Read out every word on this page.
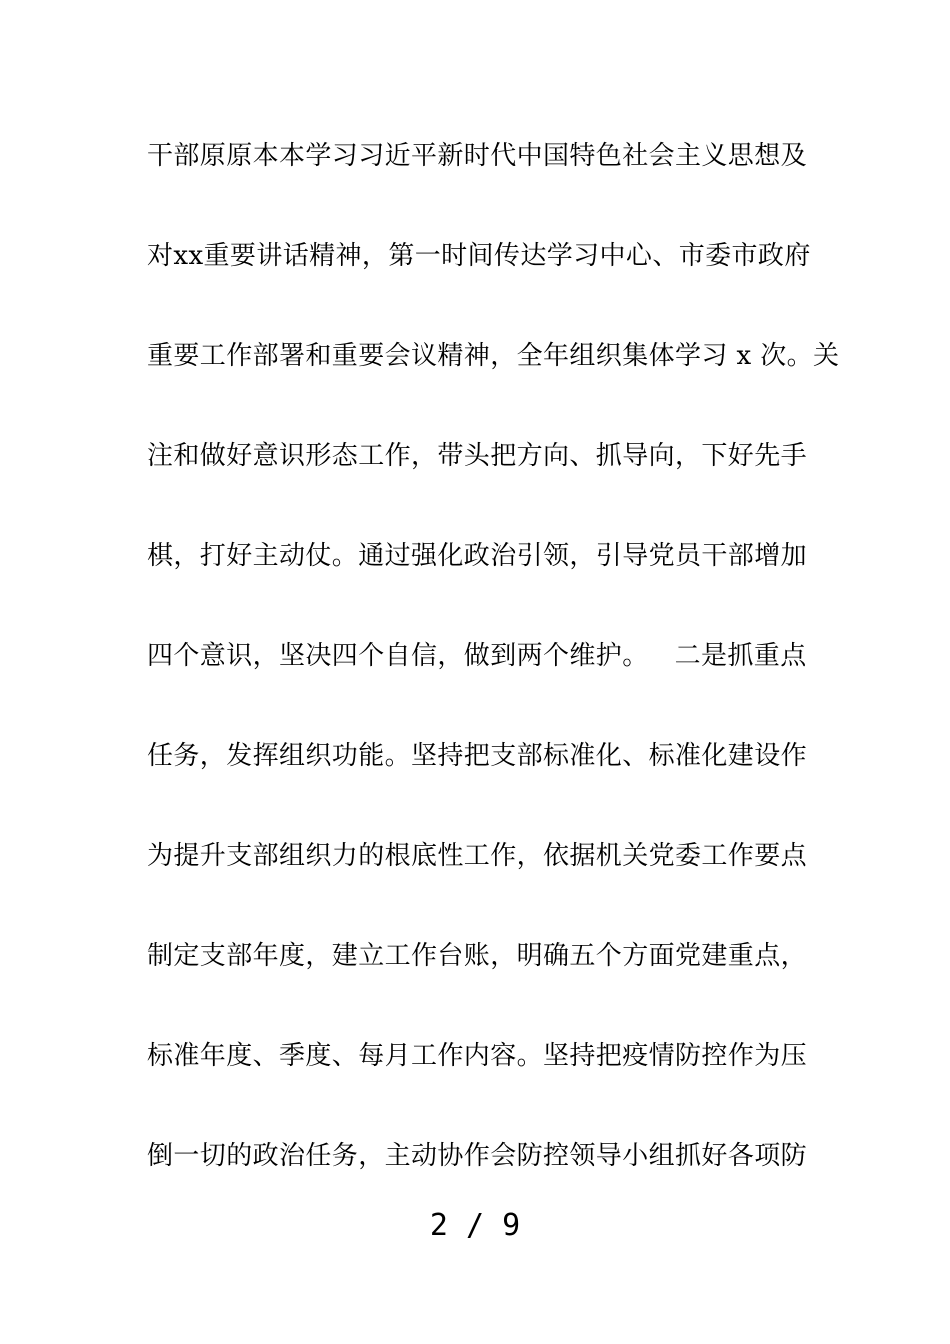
干部原原本本学习习近平新时代中国特色社会主义思想及
对xx重要讲话精神，第一时间传达学习中心、市委市政府
重要工作部署和重要会议精神，全年组织集体学习 x 次。关
注和做好意识形态工作，带头把方向、抓导向，下好先手
棋，打好主动仗。通过强化政治引领，引导党员干部增加
四个意识，坚决四个自信，做到两个维护。   二是抓重点
任务，发挥组织功能。坚持把支部标准化、标准化建设作
为提升支部组织力的根底性工作，依据机关党委工作要点
制定支部年度，建立工作台账，明确五个方面党建重点，
标准年度、季度、每月工作内容。坚持把疫情防控作为压
倒一切的政治任务，主动协作会防控领导小组抓好各项防
2 / 9
